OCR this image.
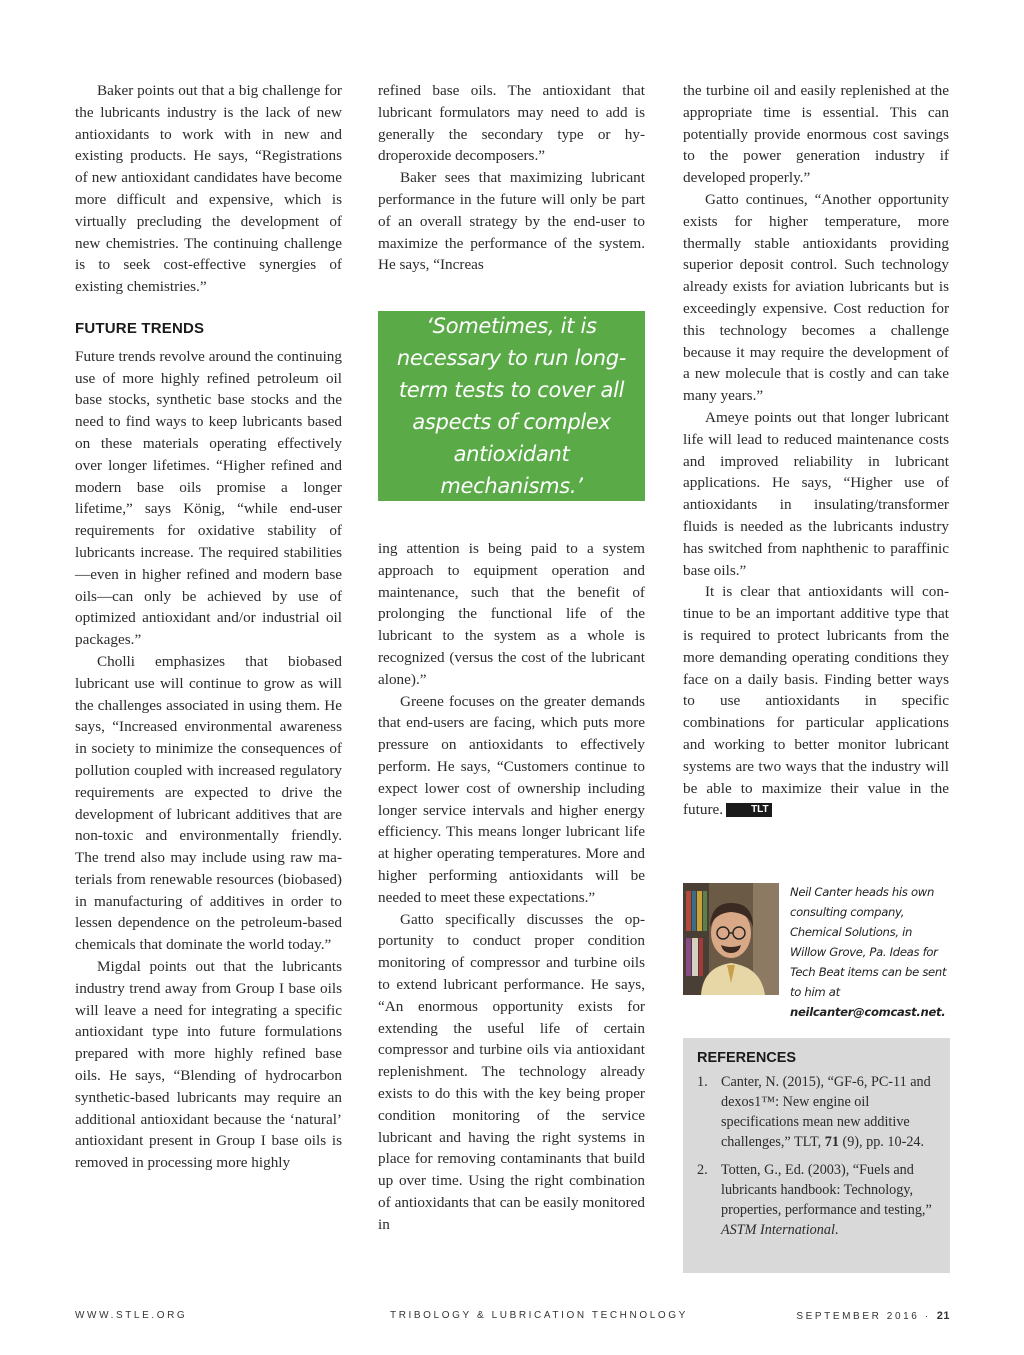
Baker points out that a big challenge for the lubricants industry is the lack of new antioxidants to work with in new and existing products. He says, “Registrations of new antioxidant candidates have become more difficult and expensive, which is virtually precluding the development of new chemistries. The continuing challenge is to seek cost-effective synergies of existing chemistries.”

FUTURE TRENDS

Future trends revolve around the continuing use of more highly refined petroleum oil base stocks, synthetic base stocks and the need to find ways to keep lubricants based on these materials operating effectively over longer lifetimes. “Higher refined and modern base oils promise a longer lifetime,” says König, “while end-user requirements for oxidative stability of lubricants increase. The required stabilities—even in higher refined and modern base oils—can only be achieved by use of optimized antioxidant and/or industrial oil packages.”

Cholli emphasizes that biobased lubricant use will continue to grow as will the challenges associated in using them. He says, “Increased environmental awareness in society to minimize the consequences of pollution coupled with increased regulatory requirements are expected to drive the development of lubricant additives that are non-toxic and environmentally friendly. The trend also may include using raw materials from renewable resources (biobased) in manufacturing of additives in order to lessen dependence on the petroleum-based chemicals that dominate the world today.”

Migdal points out that the lubricants industry trend away from Group I base oils will leave a need for integrating a specific antioxidant type into future formulations prepared with more highly refined base oils. He says, “Blending of hydrocarbon synthetic-based lubricants may require an additional antioxidant because the ‘natural’ antioxidant present in Group I base oils is removed in processing more highly

refined base oils. The antioxidant that lubricant formulators may need to add is generally the secondary type or hydroperoxide decomposers.”

Baker sees that maximizing lubricant performance in the future will only be part of an overall strategy by the end-user to maximize the performance of the system. He says, “Increas

‘Sometimes, it is necessary to run long-term tests to cover all aspects of complex antioxidant mechanisms.’

ing attention is being paid to a system approach to equipment operation and maintenance, such that the benefit of prolonging the functional life of the lubricant to the system as a whole is recognized (versus the cost of the lubricant alone).”

Greene focuses on the greater demands that end-users are facing, which puts more pressure on antioxidants to effectively perform. He says, “Customers continue to expect lower cost of ownership including longer service intervals and higher energy efficiency. This means longer lubricant life at higher operating temperatures. More and higher performing antioxidants will be needed to meet these expectations.”

Gatto specifically discusses the opportunity to conduct proper condition monitoring of compressor and turbine oils to extend lubricant performance. He says, “An enormous opportunity exists for extending the useful life of certain compressor and turbine oils via antioxidant replenishment. The technology already exists to do this with the key being proper condition monitoring of the service lubricant and having the right systems in place for removing contaminants that build up over time. Using the right combination of antioxidants that can be easily monitored in

the turbine oil and easily replenished at the appropriate time is essential. This can potentially provide enormous cost savings to the power generation industry if developed properly.”

Gatto continues, “Another opportunity exists for higher temperature, more thermally stable antioxidants providing superior deposit control. Such technology already exists for aviation lubricants but is exceedingly expensive. Cost reduction for this technology becomes a challenge because it may require the development of a new molecule that is costly and can take many years.”

Ameye points out that longer lubricant life will lead to reduced maintenance costs and improved reliability in lubricant applications. He says, “Higher use of antioxidants in insulating/transformer fluids is needed as the lubricants industry has switched from naphthenic to paraffinic base oils.”

It is clear that antioxidants will continue to be an important additive type that is required to protect lubricants from the more demanding operating conditions they face on a daily basis. Finding better ways to use antioxidants in specific combinations for particular applications and working to better monitor lubricant systems are two ways that the industry will be able to maximize their value in the future.	TLT

Neil Canter heads his own consulting company, Chemical Solutions, in Willow Grove, Pa. Ideas for Tech Beat items can be sent to him at neilcanter@comcast.net.
REFERENCES
1. Canter, N. (2015), “GF-6, PC-11 and dexos1™: New engine oil specifications mean new additive challenges,” TLT, 71 (9), pp. 10-24.
2. Totten, G., Ed. (2003), “Fuels and lubricants handbook: Technology, properties, performance and testing,” ASTM International.
WWW.STLE.ORG	TRIBOLOGY & LUBRICATION TECHNOLOGY	SEPTEMBER 2016 · 21
